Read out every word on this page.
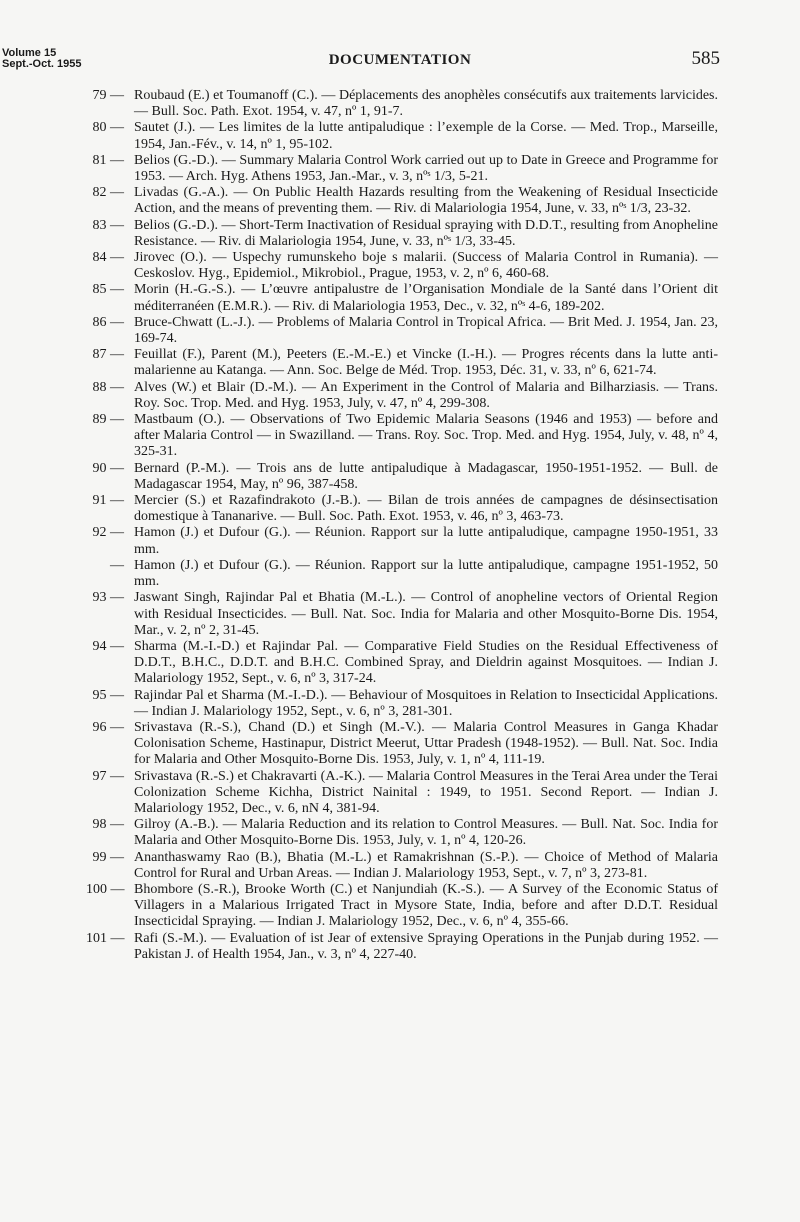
Volume 15
Sept.-Oct. 1955	DOCUMENTATION	585
79 — Roubaud (E.) et Toumanoff (C.). — Déplacements des anophèles consécutifs aux traitements larvicides. — Bull. Soc. Path. Exot. 1954, v. 47, nº 1, 91-7.
80 — Sautet (J.). — Les limites de la lutte antipaludique : l’exemple de la Corse. — Med. Trop., Marseille, 1954, Jan.-Fév., v. 14, nº 1, 95-102.
81 — Belios (G.-D.). — Summary Malaria Control Work carried out up to Date in Greece and Programme for 1953. — Arch. Hyg. Athens 1953, Jan.-Mar., v. 3, nºˢ 1/3, 5-21.
82 — Livadas (G.-A.). — On Public Health Hazards resulting from the Weakening of Residual Insecticide Action, and the means of preventing them. — Riv. di Malariologia 1954, June, v. 33, nºˢ 1/3, 23-32.
83 — Belios (G.-D.). — Short-Term Inactivation of Residual spraying with D.D.T., resulting from Anopheline Resistance. — Riv. di Malariologia 1954, June, v. 33, nºˢ 1/3, 33-45.
84 — Jirovec (O.). — Uspechy rumunskeho boje s malarii. (Success of Malaria Control in Rumania). — Ceskoslov. Hyg., Epidemiol., Mikrobiol., Prague, 1953, v. 2, nº 6, 460-68.
85 — Morin (H.-G.-S.). — L’œuvre antipalustre de l’Organisation Mondiale de la Santé dans l’Orient dit méditerranéen (E.M.R.). — Riv. di Malariologia 1953, Dec., v. 32, nºˢ 4-6, 189-202.
86 — Bruce-Chwatt (L.-J.). — Problems of Malaria Control in Tropical Africa. — Brit Med. J. 1954, Jan. 23, 169-74.
87 — Feuillat (F.), Parent (M.), Peeters (E.-M.-E.) et Vincke (I.-H.). — Progres récents dans la lutte anti-malarienne au Katanga. — Ann. Soc. Belge de Méd. Trop. 1953, Déc. 31, v. 33, nº 6, 621-74.
88 — Alves (W.) et Blair (D.-M.). — An Experiment in the Control of Malaria and Bilharziasis. — Trans. Roy. Soc. Trop. Med. and Hyg. 1953, July, v. 47, nº 4, 299-308.
89 — Mastbaum (O.). — Observations of Two Epidemic Malaria Seasons (1946 and 1953) — before and after Malaria Control — in Swazilland. — Trans. Roy. Soc. Trop. Med. and Hyg. 1954, July, v. 48, nº 4, 325-31.
90 — Bernard (P.-M.). — Trois ans de lutte antipaludique à Madagascar, 1950-1951-1952. — Bull. de Madagascar 1954, May, nº 96, 387-458.
91 — Mercier (S.) et Razafindrakoto (J.-B.). — Bilan de trois années de campagnes de désinsectisation domestique à Tananarive. — Bull. Soc. Path. Exot. 1953, v. 46, nº 3, 463-73.
92 — Hamon (J.) et Dufour (G.). — Réunion. Rapport sur la lutte antipaludique, campagne 1950-1951, 33 mm.
— Hamon (J.) et Dufour (G.). — Réunion. Rapport sur la lutte antipaludique, campagne 1951-1952, 50 mm.
93 — Jaswant Singh, Rajindar Pal et Bhatia (M.-L.). — Control of anopheline vectors of Oriental Region with Residual Insecticides. — Bull. Nat. Soc. India for Malaria and other Mosquito-Borne Dis. 1954, Mar., v. 2, nº 2, 31-45.
94 — Sharma (M.-I.-D.) et Rajindar Pal. — Comparative Field Studies on the Residual Effectiveness of D.D.T., B.H.C., D.D.T. and B.H.C. Combined Spray, and Dieldrin against Mosquitoes. — Indian J. Malariology 1952, Sept., v. 6, nº 3, 317-24.
95 — Rajindar Pal et Sharma (M.-I.-D.). — Behaviour of Mosquitoes in Relation to Insecticidal Applications. — Indian J. Malariology 1952, Sept., v. 6, nº 3, 281-301.
96 — Srivastava (R.-S.), Chand (D.) et Singh (M.-V.). — Malaria Control Measures in Ganga Khadar Colonisation Scheme, Hastinapur, District Meerut, Uttar Pradesh (1948-1952). — Bull. Nat. Soc. India for Malaria and Other Mosquito-Borne Dis. 1953, July, v. 1, nº 4, 111-19.
97 — Srivastava (R.-S.) et Chakravarti (A.-K.). — Malaria Control Measures in the Terai Area under the Terai Colonization Scheme Kichha, District Nainital : 1949, to 1951. Second Report. — Indian J. Malariology 1952, Dec., v. 6, nN 4, 381-94.
98 — Gilroy (A.-B.). — Malaria Reduction and its relation to Control Measures. — Bull. Nat. Soc. India for Malaria and Other Mosquito-Borne Dis. 1953, July, v. 1, nº 4, 120-26.
99 — Ananthaswamy Rao (B.), Bhatia (M.-L.) et Ramakrishnan (S.-P.). — Choice of Method of Malaria Control for Rural and Urban Areas. — Indian J. Malariology 1953, Sept., v. 7, nº 3, 273-81.
100 — Bhombore (S.-R.), Brooke Worth (C.) et Nanjundiah (K.-S.). — A Survey of the Economic Status of Villagers in a Malarious Irrigated Tract in Mysore State, India, before and after D.D.T. Residual Insecticidal Spraying. — Indian J. Malariology 1952, Dec., v. 6, nº 4, 355-66.
101 — Rafi (S.-M.). — Evaluation of ist Jear of extensive Spraying Operations in the Punjab during 1952. — Pakistan J. of Health 1954, Jan., v. 3, nº 4, 227-40.
